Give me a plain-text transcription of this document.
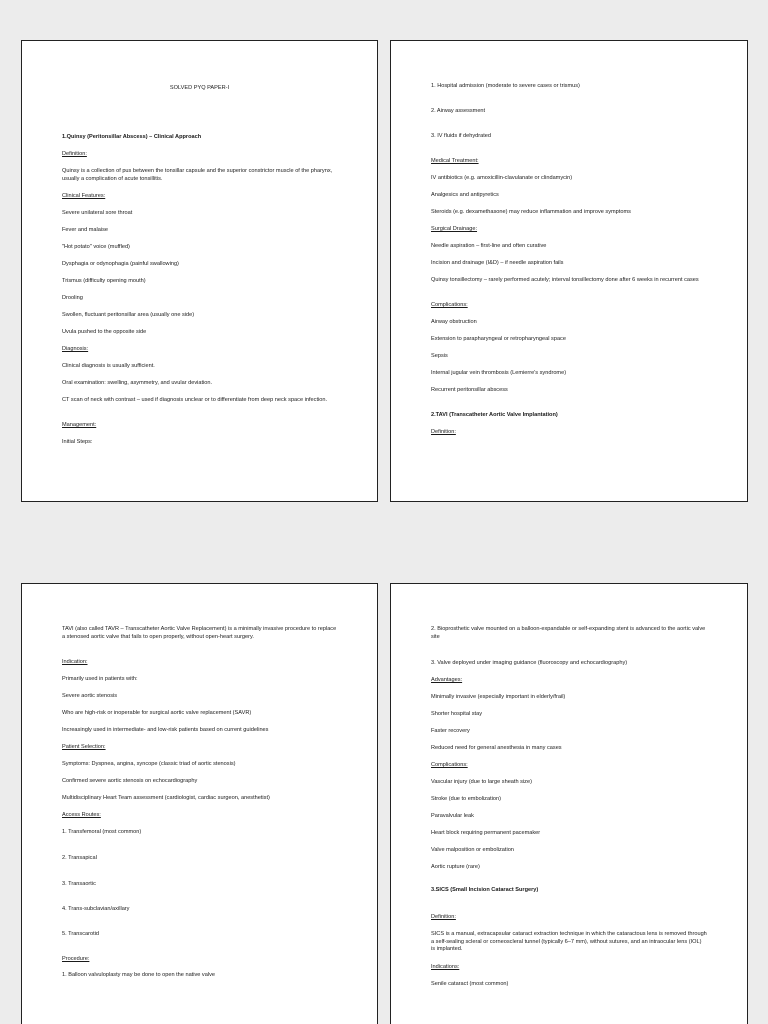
SOLVED PYQ PAPER-I
1.Quinsy (Peritonsillar Abscess) – Clinical Approach
Definition:
Quinsy is a collection of pus between the tonsillar capsule and the superior constrictor muscle of the pharynx, usually a complication of acute tonsillitis.
Clinical Features:
Severe unilateral sore throat
Fever and malaise
"Hot potato" voice (muffled)
Dysphagia or odynophagia (painful swallowing)
Trismus (difficulty opening mouth)
Drooling
Swollen, fluctuant peritonsillar area (usually one side)
Uvula pushed to the opposite side
Diagnosis:
Clinical diagnosis is usually sufficient.
Oral examination: swelling, asymmetry, and uvular deviation.
CT scan of neck with contrast – used if diagnosis unclear or to differentiate from deep neck space infection.
Management:
Initial Steps:
1. Hospital admission (moderate to severe cases or trismus)
2. Airway assessment
3. IV fluids if dehydrated
Medical Treatment:
IV antibiotics (e.g. amoxicillin-clavulanate or clindamycin)
Analgesics and antipyretics
Steroids (e.g. dexamethasone) may reduce inflammation and improve symptoms
Surgical Drainage:
Needle aspiration – first-line and often curative
Incision and drainage (I&D) – if needle aspiration fails
Quinsy tonsillectomy – rarely performed acutely; interval tonsillectomy done after 6 weeks in recurrent cases
Complications:
Airway obstruction
Extension to parapharyngeal or retropharyngeal space
Sepsis
Internal jugular vein thrombosis (Lemierre's syndrome)
Recurrent peritonsillar abscess
2.TAVI (Transcatheter Aortic Valve Implantation)
Definition:
TAVI (also called TAVR – Transcatheter Aortic Valve Replacement) is a minimally invasive procedure to replace a stenosed aortic valve that fails to open properly, without open-heart surgery.
Indication:
Primarily used in patients with:
Severe aortic stenosis
Who are high-risk or inoperable for surgical aortic valve replacement (SAVR)
Increasingly used in intermediate- and low-risk patients based on current guidelines
Patient Selection:
Symptoms: Dyspnea, angina, syncope (classic triad of aortic stenosis)
Confirmed severe aortic stenosis on echocardiography
Multidisciplinary Heart Team assessment (cardiologist, cardiac surgeon, anesthetist)
Access Routes:
1. Transfemoral (most common)
2. Transapical
3. Transaortic
4. Trans-subclavian/axillary
5. Transcarotid
Procedure:
1. Balloon valvuloplasty may be done to open the native valve
2. Bioprosthetic valve mounted on a balloon-expandable or self-expanding stent is advanced to the aortic valve site
3. Valve deployed under imaging guidance (fluoroscopy and echocardiography)
Advantages:
Minimally invasive (especially important in elderly/frail)
Shorter hospital stay
Faster recovery
Reduced need for general anesthesia in many cases
Complications:
Vascular injury (due to large sheath size)
Stroke (due to embolization)
Paravalvular leak
Heart block requiring permanent pacemaker
Valve malposition or embolization
Aortic rupture (rare)
3.SICS (Small Incision Cataract Surgery)
Definition:
SICS is a manual, extracapsular cataract extraction technique in which the cataractous lens is removed through a self-sealing scleral or corneoscleral tunnel (typically 6–7 mm), without sutures, and an intraocular lens (IOL) is implanted.
Indications:
Senile cataract (most common)
